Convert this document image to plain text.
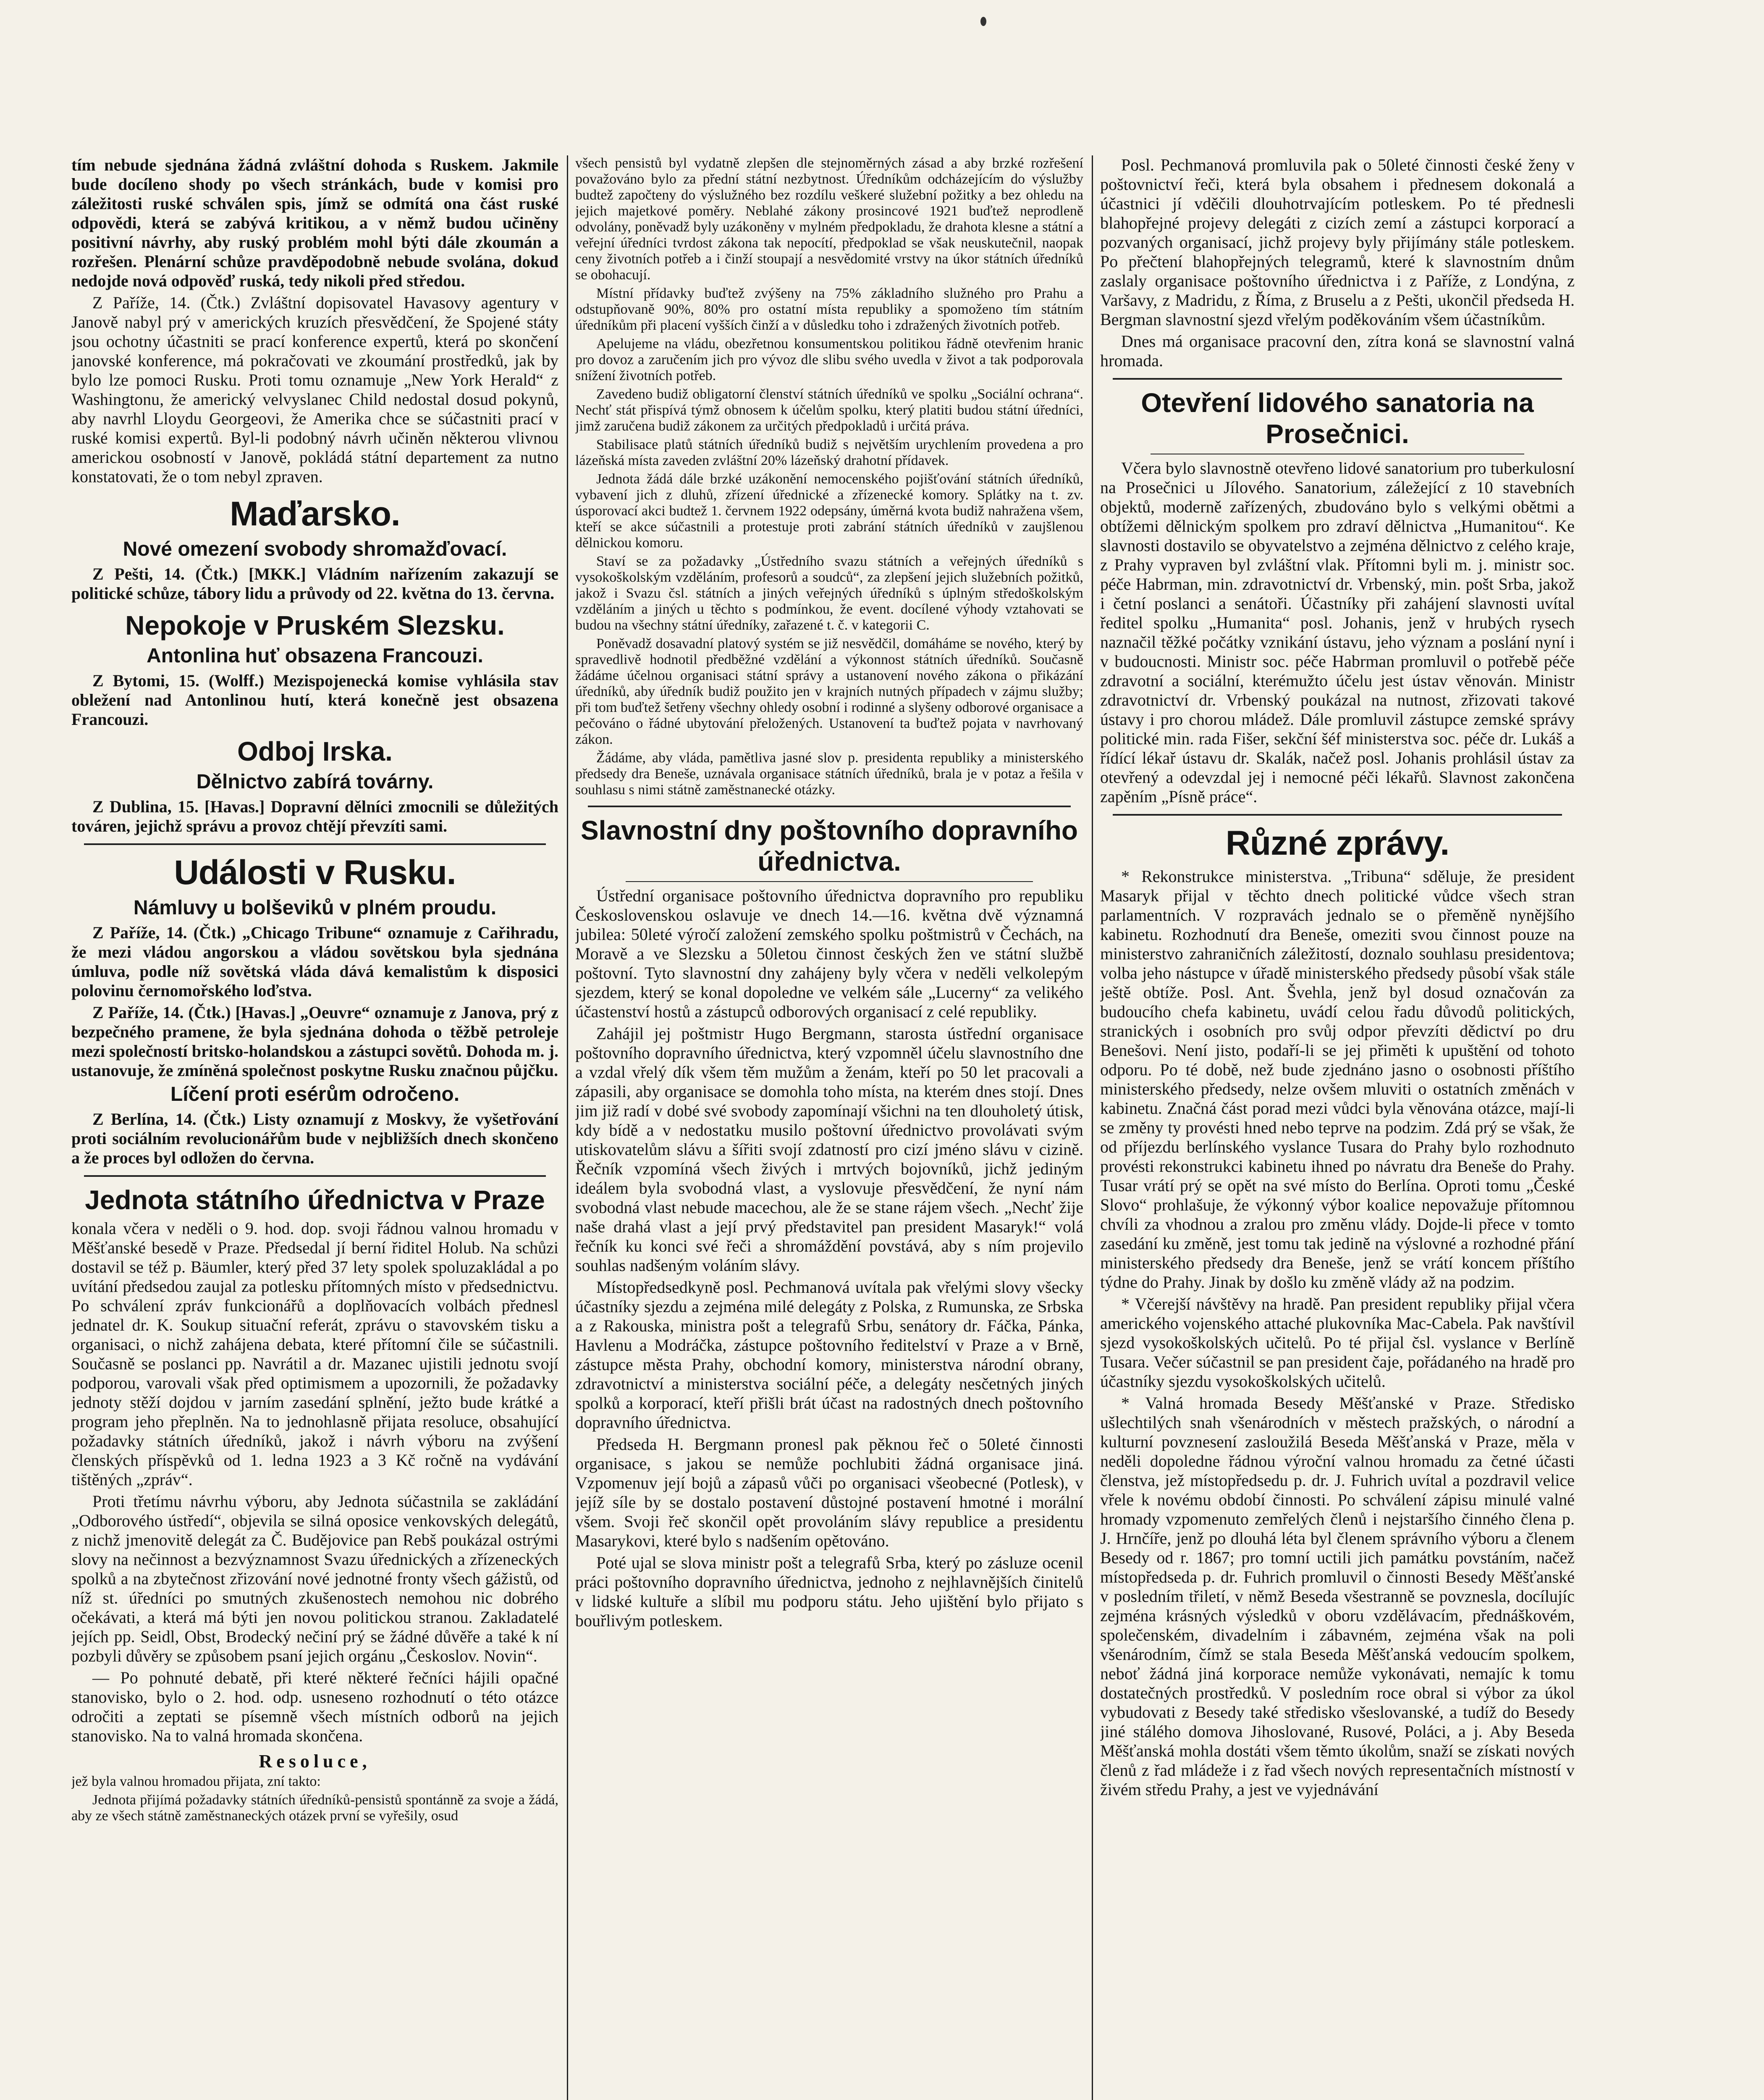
tím nebude sjednána žádná zvláštní dohoda s Ruskem. Jakmile bude docíleno shody po všech stránkách, bude v komisi pro záležitosti ruské schválen spis, jímž se odmítá ona část ruské odpovědi, která se zabývá kritikou, a v němž budou učiněny positivní návrhy, aby ruský problém mohl býti dále zkoumán a rozřešen. Plenární schůze pravděpodobně nebude svolána, dokud nedojde nová odpověď ruská, tedy nikoli před středou.

Z Paříže, 14. (Čtk.) Zvláštní dopisovatel Havasovy agentury v Janově nabyl prý v amerických kruzích přesvědčení, že Spojené státy jsou ochotny účastniti se prací konference expertů, která po skončení janovské konference, má pokračovati ve zkoumání prostředků, jak by bylo lze pomoci Rusku. Proti tomu oznamuje „New York Herald“ z Washingtonu, že americký velvyslanec Child nedostal dosud pokynů, aby navrhl Lloydu Georgeovi, že Amerika chce se súčastniti prací v ruské komisi expertů. Byl-li podobný návrh učiněn některou vlivnou americkou osobností v Janově, pokládá státní departement za nutno konstatovati, že o tom nebyl zpraven.

Maďarsko.
Nové omezení svobody shromažďovací.

Z Pešti, 14. (Čtk.) [MKK.] Vládním nařízením zakazují se politické schůze, tábory lidu a průvody od 22. května do 13. června.

Nepokoje v Pruském Slezsku.
Antonlina huť obsazena Francouzi.

Z Bytomi, 15. (Wolff.) Mezispojenecká komise vyhlásila stav obležení nad Antonlinou hutí, která konečně jest obsazena Francouzi.

Odboj Irska.
Dělnictvo zabírá továrny.

Z Dublina, 15. [Havas.] Dopravní dělníci zmocnili se důležitých továren, jejichž správu a provoz chtějí převzíti sami.

Události v Rusku.
Námluvy u bolševiků v plném proudu.

Z Paříže, 14. (Čtk.) „Chicago Tribune“ oznamuje z Cařihradu, že mezi vládou angorskou a vládou sovětskou byla sjednána úmluva, podle níž sovětská vláda dává kemalistům k disposici polovinu černomořského loďstva.

Z Paříže, 14. (Čtk.) [Havas.] „Oeuvre“ oznamuje z Janova, prý z bezpečného pramene, že byla sjednána dohoda o těžbě petroleje mezi společností britsko-holandskou a zástupci sovětů. Dohoda m. j. ustanovuje, že zmíněná společnost poskytne Rusku značnou půjčku.

Líčení proti esérům odročeno.

Z Berlína, 14. (Čtk.) Listy oznamují z Moskvy, že vyšetřování proti sociálním revolucionářům bude v nejbližších dnech skončeno a že proces byl odložen do června.

Jednota státního úřednictva v Praze

konala včera v neděli o 9. hod. dop. svoji řádnou valnou hromadu v Měšťanské besedě v Praze. Předsedal jí berní řiditel Holub. Na schůzi dostavil se též p. Bäumler, který před 37 lety spolek spoluzakládal a po uvítání předsedou zaujal za potlesku přítomných místo v předsednictvu. Po schválení zpráv funkcionářů a doplňovacích volbách přednesl jednatel dr. K. Soukup situační referát, zprávu o stavovském tisku a organisaci, o nichž zahájena debata, které přítomní čile se súčastnili. Současně se poslanci pp. Navrátil a dr. Mazanec ujistili jednotu svojí podporou, varovali však před optimismem a upozornili, že požadavky jednoty stěží dojdou v jarním zasedání splnění, ježto bude krátké a program jeho přeplněn. Na to jednohlasně přijata resoluce, obsahující požadavky státních úředníků, jakož i návrh výboru na zvýšení členských příspěvků od 1. ledna 1923 a 3 Kč ročně na vydávání tištěných „zpráv“.

Proti třetímu návrhu výboru, aby Jednota súčastnila se zakládání „Odborového ústředí“, objevila se silná oposice venkovských delegátů, z nichž jmenovitě delegát za Č. Budějovice pan Rebš poukázal ostrými slovy na nečinnost a bezvýznamnost Svazu úřednických a zřízeneckých spolků a na zbytečnost zřizování nové jednotné fronty všech gážistů, od níž st. úředníci po smutných zkušenostech nemohou nic dobrého očekávati, a která má býti jen novou politickou stranou. Zakladatelé jejích pp. Seidl, Obst, Brodecký nečiní prý se žádné důvěře a také k ní pozbyli důvěry se způsobem psaní jejich orgánu „Českoslov. Novin“.

— Po pohnuté debatě, při které některé řečníci hájili opačné stanovisko, bylo o 2. hod. odp. usneseno rozhodnutí o této otázce odročiti a zeptati se písemně všech místních odborů na jejich stanovisko. Na to valná hromada skončena.

Resoluce,

jež byla valnou hromadou přijata, zní takto:

Jednota přijímá požadavky státních úředníků-pensistů spontánně za svoje a žádá, aby ze všech státně zaměstnaneckých otázek první se vyřešily, osud

všech pensistů byl vydatně zlepšen dle stejnoměrných zásad a aby brzké rozřešení považováno bylo za přední státní nezbytnost. Úředníkům odcházejícím do výslužby budtež započteny do výslužného bez rozdílu veškeré služební požitky a bez ohledu na jejich majetkové poměry. Neblahé zákony prosincové 1921 buďtež neprodleně odvolány, poněvadž byly uzákoněny v mylném předpokladu, že drahota klesne a státní a veřejní úředníci tvrdost zákona tak nepocítí, předpoklad se však neuskutečnil, naopak ceny životních potřeb a i činží stoupají a nesvědomité vrstvy na úkor státních úředníků se obohacují.

Místní přídavky buďtež zvýšeny na 75% základního služného pro Prahu a odstupňovaně 90%, 80% pro ostatní místa republiky a spomoženo tím státním úředníkům při placení vyšších činží a v důsledku toho i zdražených životních potřeb.

Apelujeme na vládu, obezřetnou konsumentskou politikou řádně otevřenim hranic pro dovoz a zaručením jich pro vývoz dle slibu svého uvedla v život a tak podporovala snížení životních potřeb.

Zavedeno budiž obligatorní členství státních úředníků ve spolku „Sociální ochrana“. Nechť stát přispívá týmž obnosem k účelům spolku, který platiti budou státní úředníci, jimž zaručena budiž zákonem za určitých předpokladů i určitá práva.

Stabilisace platů státních úředníků budiž s největším urychlením provedena a pro lázeňská místa zaveden zvláštní 20% lázeňský drahotní přídavek.

Jednota žádá dále brzké uzákonění nemocenského pojišťování státních úředníků, vybavení jich z dluhů, zřízení úřednické a zřízenecké komory. Splátky na t. zv. úsporovací akci budtež 1. červnem 1922 odepsány, úměrná kvota budiž nahražena všem, kteří se akce súčastnili a protestuje proti zabrání státních úředníků v zaujšlenou dělnickou komoru.

Staví se za požadavky „Ústředního svazu státních a veřejných úředníků s vysokoškolským vzděláním, profesorů a soudců“, za zlepšení jejich služebních požitků, jakož i Svazu čsl. státních a jiných veřejných úředníků s úplným středoškolským vzděláním a jiných u těchto s podmínkou, že event. docílené výhody vztahovati se budou na všechny státní úředníky, zařazené t. č. v kategorii C.

Poněvadž dosavadní platový systém se již nesvědčil, domáháme se nového, který by spravedlivě hodnotil předběžné vzdělání a výkonnost státních úředníků. Současně žádáme účelnou organisaci státní správy a ustanovení nového zákona o přikázání úředníků, aby úředník budiž použito jen v krajních nutných případech v zájmu služby; při tom buďtež šetřeny všechny ohledy osobní i rodinné a slyšeny odborové organisace a pečováno o řádné ubytování přeložených. Ustanovení ta buďtež pojata v navrhovaný zákon.

Žádáme, aby vláda, pamětliva jasné slov p. presidenta republiky a ministerského předsedy dra Beneše, uznávala organisace státních úředníků, brala je v potaz a řešila v souhlasu s nimi státně zaměstnanecké otázky.

Slavnostní dny poštovního dopravního úřednictva.

Ústřední organisace poštovního úřednictva dopravního pro republiku Československou oslavuje ve dnech 14.—16. května dvě významná jubilea: 50leté výročí založení zemského spolku poštmistrů v Čechách, na Moravě a ve Slezsku a 50letou činnost českých žen ve státní službě poštovní. Tyto slavnostní dny zahájeny byly včera v neděli velkolepým sjezdem, který se konal dopoledne ve velkém sále „Lucerny“ za velikého účastenství hostů a zástupců odborových organisací z celé republiky.

Zahájil jej poštmistr Hugo Bergmann, starosta ústřední organisace poštovního dopravního úřednictva, který vzpomněl účelu slavnostního dne a vzdal vřelý dík všem těm mužům a ženám, kteří po 50 let pracovali a zápasili, aby organisace se domohla toho místa, na kterém dnes stojí. Dnes jim již radí v dobé své svobody zapomínají všichni na ten dlouholetý útisk, kdy bídě a v nedostatku musilo poštovní úřednictvo provolávati svým utiskovatelům slávu a šířiti svojí zdatností pro cizí jméno slávu v cizině. Řečník vzpomíná všech živých i mrtvých bojovníků, jichž jediným ideálem byla svobodná vlast, a vyslovuje přesvědčení, že nyní nám svobodná vlast nebude macechou, ale že se stane rájem všech. „Nechť žije naše drahá vlast a její prvý představitel pan president Masaryk!“ volá řečník ku konci své řeči a shromáždění povstává, aby s ním projevilo souhlas nadšeným voláním slávy.

Místopředsedkyně posl. Pechmanová uvítala pak vřelými slovy všecky účastníky sjezdu a zejména milé delegáty z Polska, z Rumunska, ze Srbska a z Rakouska, ministra pošt a telegrafů Srbu, senátory dr. Fáčka, Pánka, Havlenu a Modráčka, zástupce poštovního ředitelství v Praze a v Brně, zástupce města Prahy, obchodní komory, ministerstva národní obrany, zdravotnictví a ministerstva sociální péče, a delegáty nesčetných jiných spolků a korporací, kteří přišli brát účast na radostných dnech poštovního dopravního úřednictva.

Předseda H. Bergmann pronesl pak pěknou řeč o 50leté činnosti organisace, s jakou se nemůže pochlubiti žádná organisace jiná. Vzpomenuv její bojů a zápasů vůči po organisaci všeobecné (Potlesk), v jejíž síle by se dostalo postavení důstojné postavení hmotné i morální všem. Svoji řeč skončil opět provoláním slávy republice a presidentu Masarykovi, které bylo s nadšením opětováno.

Poté ujal se slova ministr pošt a telegrafů Srba, který po zásluze ocenil práci poštovního dopravního úřednictva, jednoho z nejhlavnějších činitelů v lidské kultuře a slíbil mu podporu státu. Jeho ujištění bylo přijato s bouřlivým potleskem.

Posl. Pechmanová promluvila pak o 50leté činnosti české ženy v poštovnictví řeči, která byla obsahem i přednesem dokonalá a účastnici jí vděčili dlouhotrvajícím potleskem. Po té přednesli blahopřejné projevy delegáti z cizích zemí a zástupci korporací a pozvaných organisací, jichž projevy byly přijímány stále potleskem. Po přečtení blahopřejných telegramů, které k slavnostním dnům zaslaly organisace poštovního úřednictva i z Paříže, z Londýna, z Varšavy, z Madridu, z Říma, z Bruselu a z Pešti, ukončil předseda H. Bergman slavnostní sjezd vřelým poděkováním všem účastníkům.

Dnes má organisace pracovní den, zítra koná se slavnostní valná hromada.

Otevření lidového sanatoria na Prosečnici.

Včera bylo slavnostně otevřeno lidové sanatorium pro tuberkulosní na Prosečnici u Jílového. Sanatorium, záležející z 10 stavebních objektů, moderně zařízených, zbudováno bylo s velkými obětmi a obtížemi dělnickým spolkem pro zdraví dělnictva „Humanitou“. Ke slavnosti dostavilo se obyvatelstvo a zejména dělnictvo z celého kraje, z Prahy vypraven byl zvláštní vlak. Přítomni byli m. j. ministr soc. péče Habrman, min. zdravotnictví dr. Vrbenský, min. pošt Srba, jakož i četní poslanci a senátoři. Účastníky při zahájení slavnosti uvítal ředitel spolku „Humanita“ posl. Johanis, jenž v hrubých rysech naznačil těžké počátky vznikání ústavu, jeho význam a poslání nyní i v budoucnosti. Ministr soc. péče Habrman promluvil o potřebě péče zdravotní a sociální, kterémužto účelu jest ústav věnován. Ministr zdravotnictví dr. Vrbenský poukázal na nutnost, zřizovati takové ústavy i pro chorou mládež. Dále promluvil zástupce zemské správy politické min. rada Fišer, sekční šéf ministerstva soc. péče dr. Lukáš a řídící lékař ústavu dr. Skalák, načež posl. Johanis prohlásil ústav za otevřený a odevzdal jej i nemocné péči lékařů. Slavnost zakončena zapěním „Písně práce“.

Různé zprávy.

* Rekonstrukce ministerstva. „Tribuna“ sděluje, že president Masaryk přijal v těchto dnech politické vůdce všech stran parlamentních. V rozpravách jednalo se o přeměně nynějšího kabinetu. Rozhodnutí dra Beneše, omeziti svou činnost pouze na ministerstvo zahraničních záležitostí, doznalo souhlasu presidentova; volba jeho nástupce v úřadě ministerského předsedy působí však stále ještě obtíže. Posl. Ant. Švehla, jenž byl dosud označován za budoucího chefa kabinetu, uvádí celou řadu důvodů politických, stranických i osobních pro svůj odpor převzíti dědictví po dru Benešovi. Není jisto, podaří-li se jej přiměti k upuštění od tohoto odporu. Po té době, než bude zjednáno jasno o osobnosti příštího ministerského předsedy, nelze ovšem mluviti o ostatních změnách v kabinetu. Značná část porad mezi vůdci byla věnována otázce, mají-li se změny ty provésti hned nebo teprve na podzim. Zdá prý se však, že od příjezdu berlínského vyslance Tusara do Prahy bylo rozhodnuto provésti rekonstrukci kabinetu ihned po návratu dra Beneše do Prahy. Tusar vrátí prý se opět na své místo do Berlína. Oproti tomu „České Slovo“ prohlašuje, že výkonný výbor koalice nepovažuje přítomnou chvíli za vhodnou a zralou pro změnu vlády. Dojde-li přece v tomto zasedání ku změně, jest tomu tak jedině na výslovné a rozhodné přání ministerského předsedy dra Beneše, jenž se vrátí koncem příštího týdne do Prahy. Jinak by došlo ku změně vlády až na podzim.

* Včerejší návštěvy na hradě. Pan president republiky přijal včera amerického vojenského attaché plukovníka Mac-Cabela. Pak navštívil sjezd vysokoškolských učitelů. Po té přijal čsl. vyslance v Berlíně Tusara. Večer súčastnil se pan president čaje, pořádaného na hradě pro účastníky sjezdu vysokoškolských učitelů.

* Valná hromada Besedy Měšťanské v Praze. Středisko ušlechtilých snah všenárodních v městech pražských, o národní a kulturní povznesení zasloužilá Beseda Měšťanská v Praze, měla v neděli dopoledne řádnou výroční valnou hromadu za četné účasti členstva, jež místopředsedu p. dr. J. Fuhrich uvítal a pozdravil velice vřele k novému období činnosti. Po schválení zápisu minulé valné hromady vzpomenuto zemřelých členů i nejstaršího činného člena p. J. Hrnčíře, jenž po dlouhá léta byl členem správního výboru a členem Besedy od r. 1867; pro tomní uctili jich památku povstáním, načež místopředseda p. dr. Fuhrich promluvil o činnosti Besedy Měšťanské v posledním třiletí, v němž Beseda všestranně se povznesla, docílujíc zejména krásných výsledků v oboru vzdělávacím, přednáškovém, společenském, divadelním i zábavném, zejména však na poli všenárodním, čímž se stala Beseda Měšťanská vedoucím spolkem, neboť žádná jiná korporace nemůže vykonávati, nemajíc k tomu dostatečných prostředků. V posledním roce obral si výbor za úkol vybudovati z Besedy také středisko všeslovanské, a tudíž do Besedy jiné stálého domova Jihoslované, Rusové, Poláci, a j. Aby Beseda Měšťanská mohla dostáti všem těmto úkolům, snaží se získati nových členů z řad mládeže i z řad všech nových representačních místností v živém středu Prahy, a jest ve vyjednávání
